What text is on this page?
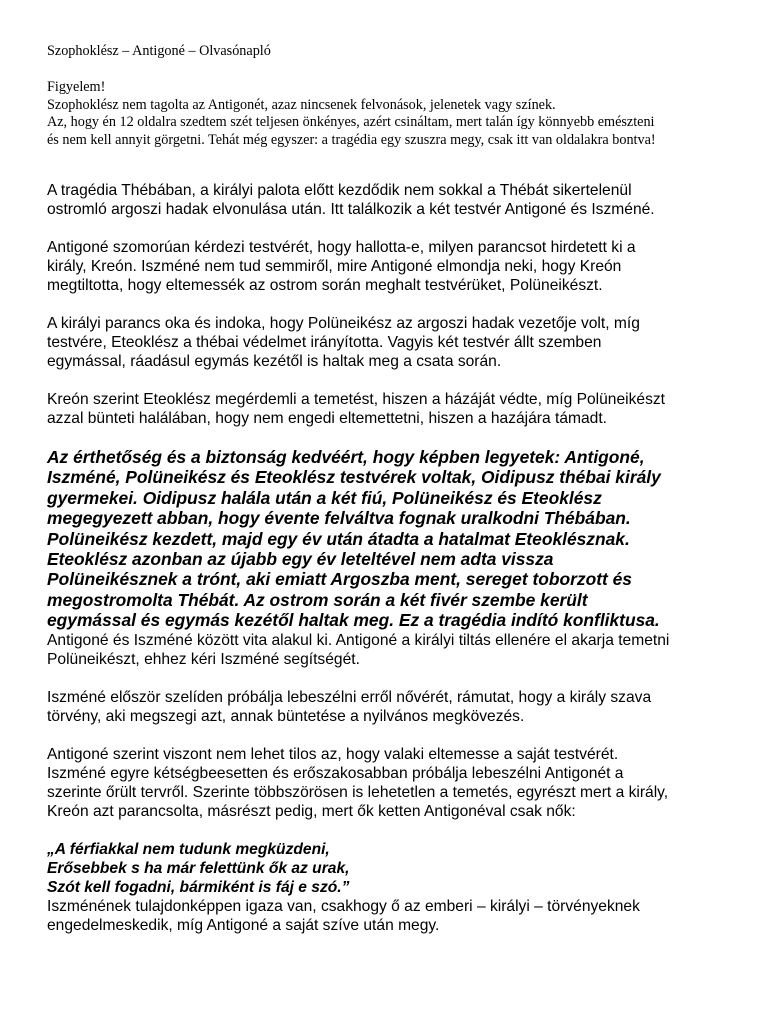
Szophoklész – Antigoné – Olvasónapló

Figyelem!

Szophoklész nem tagolta az Antigonét, azaz nincsenek felvonások, jelenetek vagy színek.

Az, hogy én 12 oldalra szedtem szét teljesen önkényes, azért csináltam, mert talán így könnyebb emészteni

és nem kell annyit görgetni. Tehát még egyszer: a tragédia egy szuszra megy, csak itt van oldalakra bontva!

A tragédia Thébában, a királyi palota előtt kezdődik nem sokkal a Thébát sikertelenül
ostromló argoszi hadak elvonulása után. Itt találkozik a két testvér Antigoné és Iszméné.

Antigoné szomorúan kérdezi testvérét, hogy hallotta-e, milyen parancsot hirdetett ki a
király, Kreón. Iszméné nem tud semmiről, mire Antigoné elmondja neki, hogy Kreón
megtiltotta, hogy eltemessék az ostrom során meghalt testvérüket, Polüneikészt.

A királyi parancs oka és indoka, hogy Polüneikész az argoszi hadak vezetője volt, míg
testvére, Eteoklész a thébai védelmet irányította. Vagyis két testvér állt szemben
egymással, ráadásul egymás kezétől is haltak meg a csata során.

Kreón szerint Eteoklész megérdemli a temetést, hiszen a házáját védte, míg Polüneikészt
azzal bünteti halálában, hogy nem engedi eltemettetni, hiszen a hazájára támadt.

Az érthetőség és a biztonság kedvéért, hogy képben legyetek: Antigoné,
Iszméné, Polüneikész és Eteoklész testvérek voltak, Oidipusz thébai király
gyermekei. Oidipusz halála után a két fiú, Polüneikész és Eteoklész
megegyezett abban, hogy évente felváltva fognak uralkodni Thébában.
Polüneikész kezdett, majd egy év után átadta a hatalmat Eteoklésznak.
Eteoklész azonban az újabb egy év leteltével nem adta vissza
Polüneikésznek a trónt, aki emiatt Argoszba ment, sereget toborzott és
megostromolta Thébát. Az ostrom során a két fivér szembe került
egymással és egymás kezétől haltak meg. Ez a tragédia indító konfliktusa.

Antigoné és Iszméné között vita alakul ki. Antigoné a királyi tiltás ellenére el akarja temetni
Polüneikészt, ehhez kéri Iszméné segítségét.

Iszméné először szelíden próbálja lebeszélni erről nővérét, rámutat, hogy a király szava
törvény, aki megszegi azt, annak büntetése a nyilvános megkövezés.

Antigoné szerint viszont nem lehet tilos az, hogy valaki eltemesse a saját testvérét.
Iszméné egyre kétségbeesetten és erőszakosabban próbálja lebeszélni Antigonét a
szerinte őrült tervről. Szerinte többszörösen is lehetetlen a temetés, egyrészt mert a király,
Kreón azt parancsolta, másrészt pedig, mert ők ketten Antigonéval csak nők:

„A férfiakkal nem tudunk megküzdeni,
Erősebbek s ha már felettünk ők az urak,
Szót kell fogadni, bármiként is fáj e szó.”

Iszménének tulajdonképpen igaza van, csakhogy ő az emberi – királyi – törvényeknek
engedelmeskedik, míg Antigoné a saját szíve után megy.
